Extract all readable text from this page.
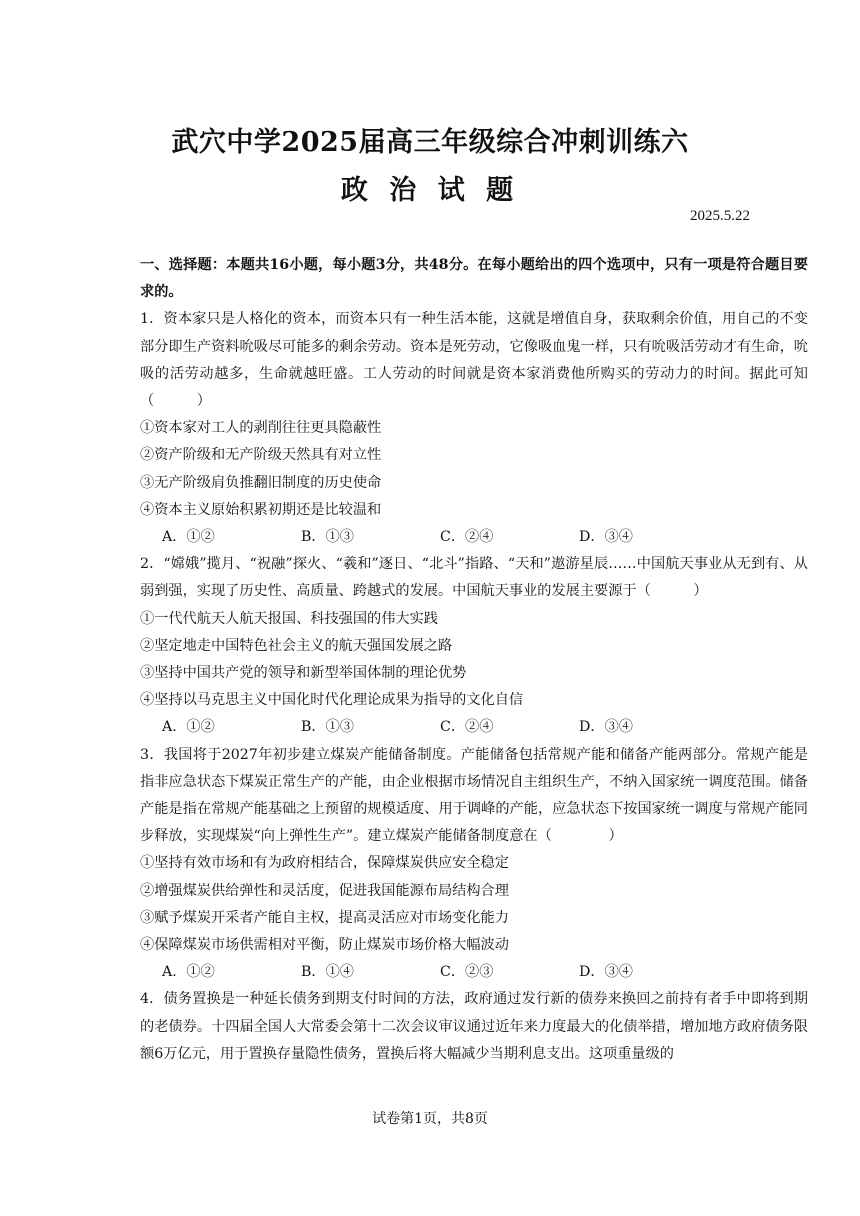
武穴中学2025届高三年级综合冲刺训练六
政 治 试 题
2025.5.22

一、选择题：本题共16小题，每小题3分，共48分。在每小题给出的四个选项中，只有一项是符合题目要求的。

1．资本家只是人格化的资本，而资本只有一种生活本能，这就是增值自身，获取剩余价值，用自己的不变部分即生产资料吮吸尽可能多的剩余劳动。资本是死劳动，它像吸血鬼一样，只有吮吸活劳动才有生命，吮吸的活劳动越多，生命就越旺盛。工人劳动的时间就是资本家消费他所购买的劳动力的时间。据此可知（　　　）

①资本家对工人的剥削往往更具隐蔽性

②资产阶级和无产阶级天然具有对立性

③无产阶级肩负推翻旧制度的历史使命

④资本主义原始积累初期还是比较温和

A．①②	B．①③	C．②④	D．③④

2．“嫦娥”揽月、“祝融”探火、“羲和”逐日、“北斗”指路、“天和”遨游星辰……中国航天事业从无到有、从弱到强，实现了历史性、高质量、跨越式的发展。中国航天事业的发展主要源于（　　　）

①一代代航天人航天报国、科技强国的伟大实践

②坚定地走中国特色社会主义的航天强国发展之路

③坚持中国共产党的领导和新型举国体制的理论优势

④坚持以马克思主义中国化时代化理论成果为指导的文化自信

A．①②	B．①③	C．②④	D．③④

3．我国将于2027年初步建立煤炭产能储备制度。产能储备包括常规产能和储备产能两部分。常规产能是指非应急状态下煤炭正常生产的产能，由企业根据市场情况自主组织生产，不纳入国家统一调度范围。储备产能是指在常规产能基础之上预留的规模适度、用于调峰的产能，应急状态下按国家统一调度与常规产能同步释放，实现煤炭“向上弹性生产”。建立煤炭产能储备制度意在（　　　　）

①坚持有效市场和有为政府相结合，保障煤炭供应安全稳定

②增强煤炭供给弹性和灵活度，促进我国能源布局结构合理

③赋予煤炭开采者产能自主权，提高灵活应对市场变化能力

④保障煤炭市场供需相对平衡，防止煤炭市场价格大幅波动

A．①②	B．①④	C．②③	D．③④

4．债务置换是一种延长债务到期支付时间的方法，政府通过发行新的债券来换回之前持有者手中即将到期的老债券。十四届全国人大常委会第十二次会议审议通过近年来力度最大的化债举措，增加地方政府债务限额6万亿元，用于置换存量隐性债务，置换后将大幅减少当期利息支出。这项重量级的

试卷第1页，共8页
